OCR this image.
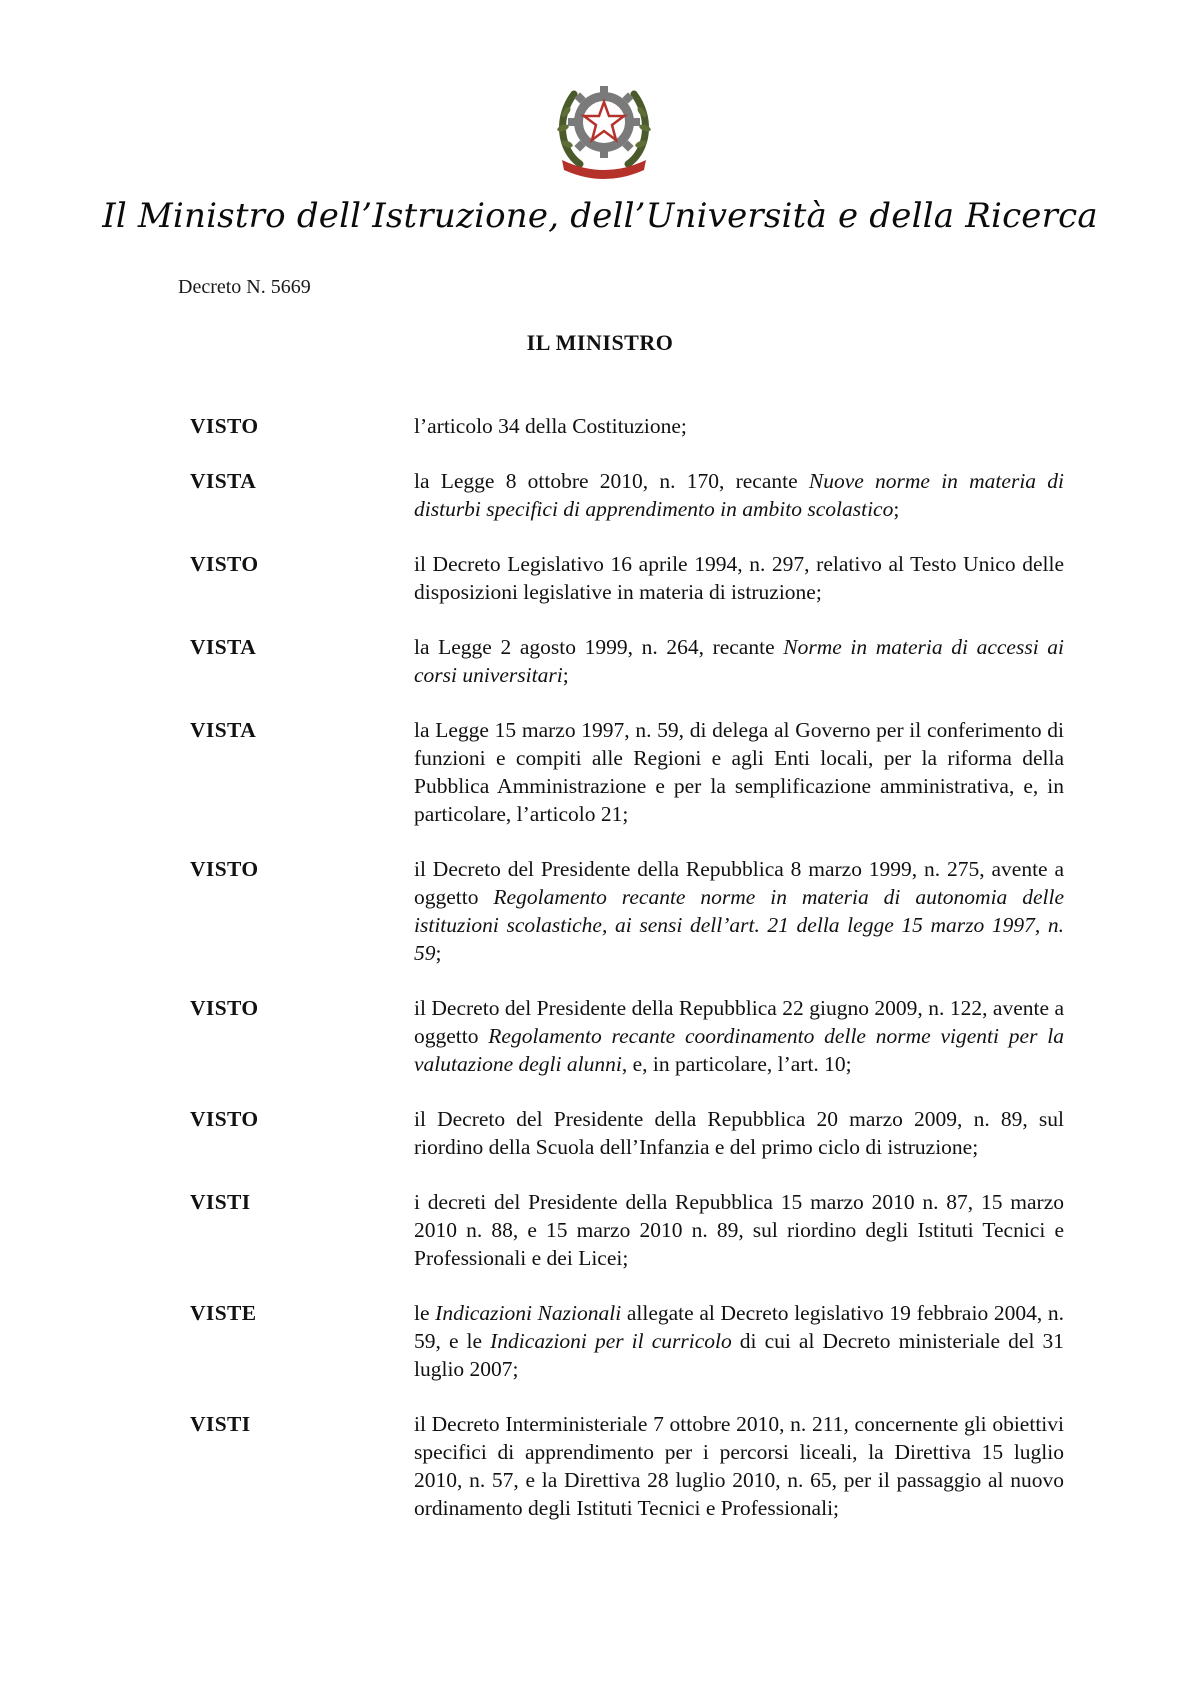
Il Ministro dell’Istruzione, dell’Università e della Ricerca
Decreto N. 5669
IL MINISTRO
VISTO	l’articolo 34 della Costituzione;
VISTA	la Legge 8 ottobre 2010, n. 170, recante Nuove norme in materia di disturbi specifici di apprendimento in ambito scolastico;
VISTO	il Decreto Legislativo 16 aprile 1994, n. 297, relativo al Testo Unico delle disposizioni legislative in materia di istruzione;
VISTA	la Legge 2 agosto 1999, n. 264, recante Norme in materia di accessi ai corsi universitari;
VISTA	la Legge 15 marzo 1997, n. 59, di delega al Governo per il conferimento di funzioni e compiti alle Regioni e agli Enti locali, per la riforma della Pubblica Amministrazione e per la semplificazione amministrativa, e, in particolare, l’articolo 21;
VISTO	il Decreto del Presidente della Repubblica 8 marzo 1999, n. 275, avente a oggetto Regolamento recante norme in materia di autonomia delle istituzioni scolastiche, ai sensi dell’art. 21 della legge 15 marzo 1997, n. 59;
VISTO	il Decreto del Presidente della Repubblica 22 giugno 2009, n. 122, avente a oggetto Regolamento recante coordinamento delle norme vigenti per la valutazione degli alunni, e, in particolare, l’art. 10;
VISTO	il Decreto del Presidente della Repubblica 20 marzo 2009, n. 89, sul riordino della Scuola dell’Infanzia e del primo ciclo di istruzione;
VISTI	i decreti del Presidente della Repubblica 15 marzo 2010 n. 87, 15 marzo 2010 n. 88, e 15 marzo 2010 n. 89, sul riordino degli Istituti Tecnici e Professionali e dei Licei;
VISTE	le Indicazioni Nazionali allegate al Decreto legislativo 19 febbraio 2004, n. 59, e le Indicazioni per il curricolo di cui al Decreto ministeriale del 31 luglio 2007;
VISTI	il Decreto Interministeriale 7 ottobre 2010, n. 211, concernente gli obiettivi specifici di apprendimento per i percorsi liceali, la Direttiva 15 luglio 2010, n. 57, e la Direttiva 28 luglio 2010, n. 65, per il passaggio al nuovo ordinamento degli Istituti Tecnici e Professionali;
